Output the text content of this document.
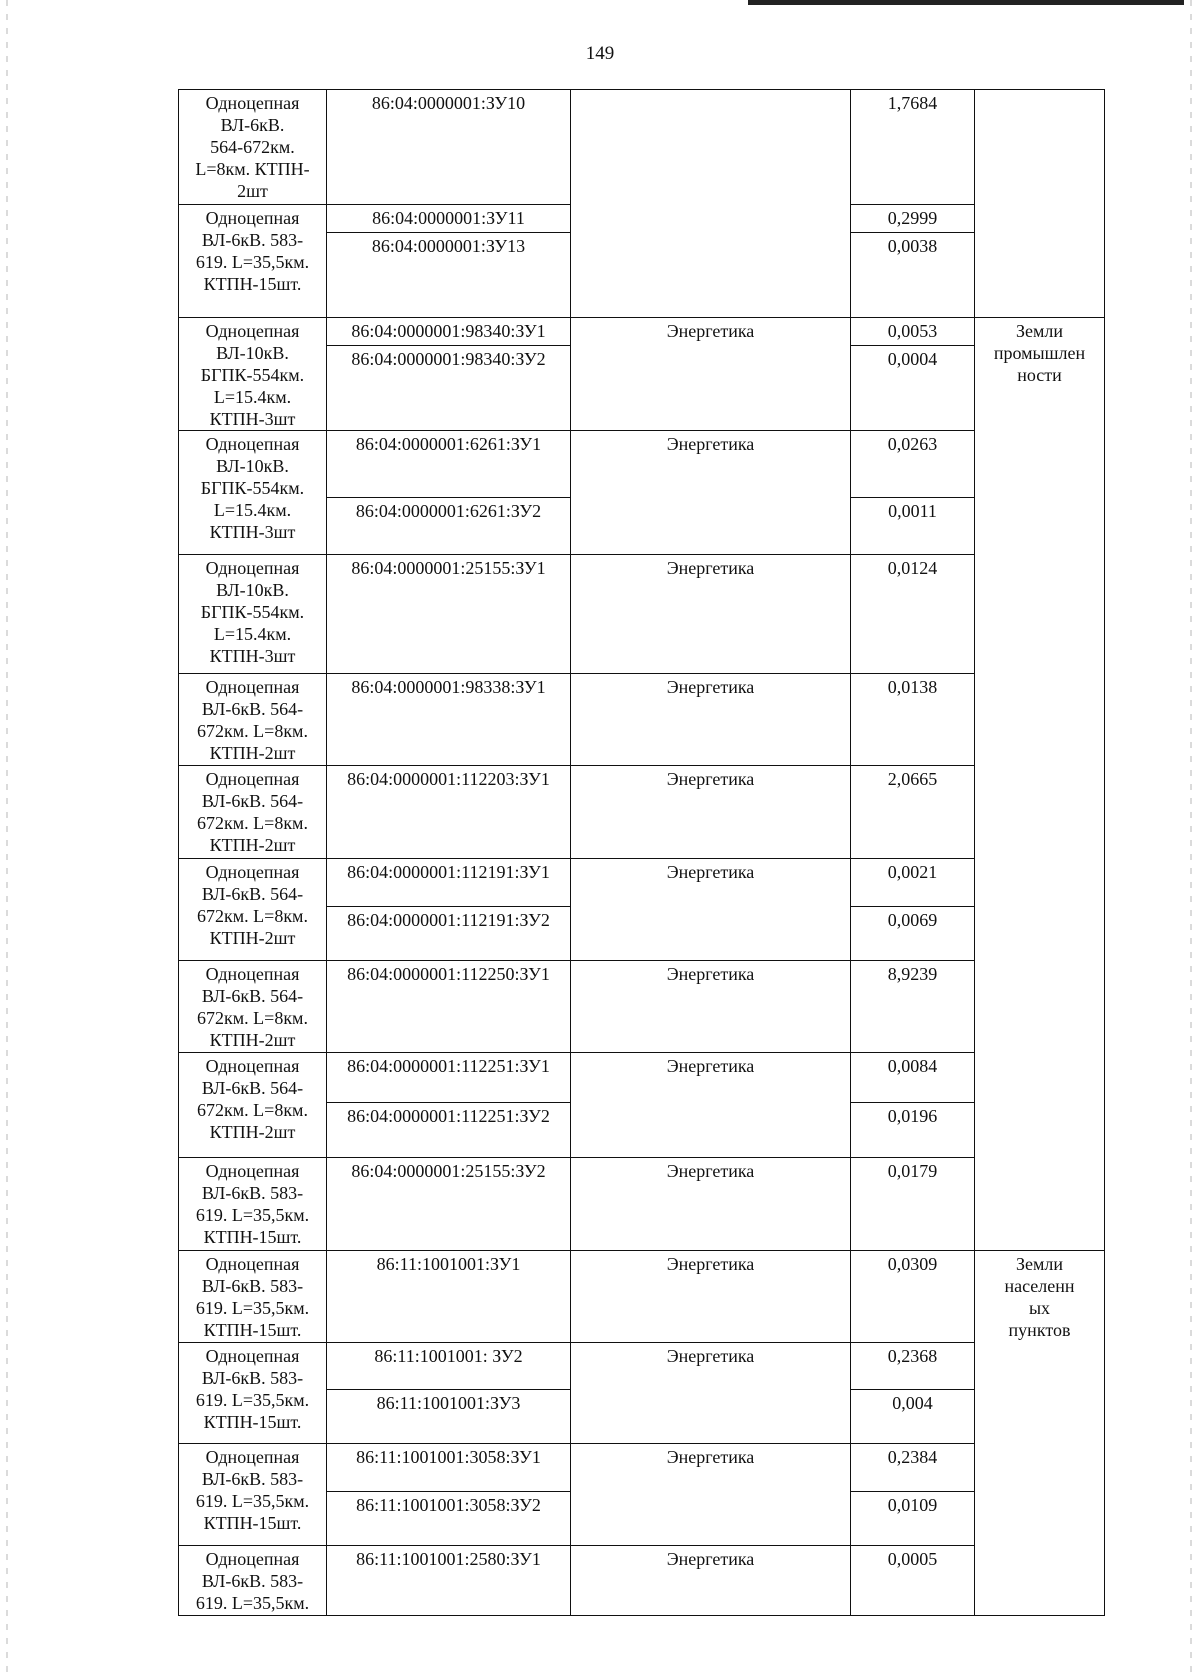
149
Одноцепная
ВЛ-6кВ.
564-672км.
L=8км. КТПН-
2шт	86:04:0000001:ЗУ10		1,7684	
Одноцепная
ВЛ-6кВ. 583-
619. L=35,5км.
КТПН-15шт.	86:04:0000001:ЗУ11		0,2999	
	86:04:0000001:ЗУ13		0,0038	
Одноцепная
ВЛ-10кВ.
БГПК-554км.
L=15.4км.
КТПН-3шт	86:04:0000001:98340:ЗУ1	Энергетика	0,0053	Земли
промышлен
ности
	86:04:0000001:98340:ЗУ2		0,0004	
Одноцепная
ВЛ-10кВ.
БГПК-554км.
L=15.4км.
КТПН-3шт	86:04:0000001:6261:ЗУ1	Энергетика	0,0263	
	86:04:0000001:6261:ЗУ2		0,0011	
Одноцепная
ВЛ-10кВ.
БГПК-554км.
L=15.4км.
КТПН-3шт	86:04:0000001:25155:ЗУ1	Энергетика	0,0124	
Одноцепная
ВЛ-6кВ. 564-
672км. L=8км.
КТПН-2шт	86:04:0000001:98338:ЗУ1	Энергетика	0,0138	
Одноцепная
ВЛ-6кВ. 564-
672км. L=8км.
КТПН-2шт	86:04:0000001:112203:ЗУ1	Энергетика	2,0665	
Одноцепная
ВЛ-6кВ. 564-
672км. L=8км.
КТПН-2шт	86:04:0000001:112191:ЗУ1	Энергетика	0,0021	
	86:04:0000001:112191:ЗУ2		0,0069	
Одноцепная
ВЛ-6кВ. 564-
672км. L=8км.
КТПН-2шт	86:04:0000001:112250:ЗУ1	Энергетика	8,9239	
Одноцепная
ВЛ-6кВ. 564-
672км. L=8км.
КТПН-2шт	86:04:0000001:112251:ЗУ1	Энергетика	0,0084	
	86:04:0000001:112251:ЗУ2		0,0196	
Одноцепная
ВЛ-6кВ. 583-
619. L=35,5км.
КТПН-15шт.	86:04:0000001:25155:ЗУ2	Энергетика	0,0179	
Одноцепная
ВЛ-6кВ. 583-
619. L=35,5км.
КТПН-15шт.	86:11:1001001:ЗУ1	Энергетика	0,0309	Земли
населенн
ых
пунктов
Одноцепная
ВЛ-6кВ. 583-
619. L=35,5км.
КТПН-15шт.	86:11:1001001: ЗУ2	Энергетика	0,2368	
	86:11:1001001:ЗУ3		0,004	
Одноцепная
ВЛ-6кВ. 583-
619. L=35,5км.
КТПН-15шт.	86:11:1001001:3058:ЗУ1	Энергетика	0,2384	
	86:11:1001001:3058:ЗУ2		0,0109	
Одноцепная
ВЛ-6кВ. 583-
619. L=35,5км.	86:11:1001001:2580:ЗУ1	Энергетика	0,0005	
